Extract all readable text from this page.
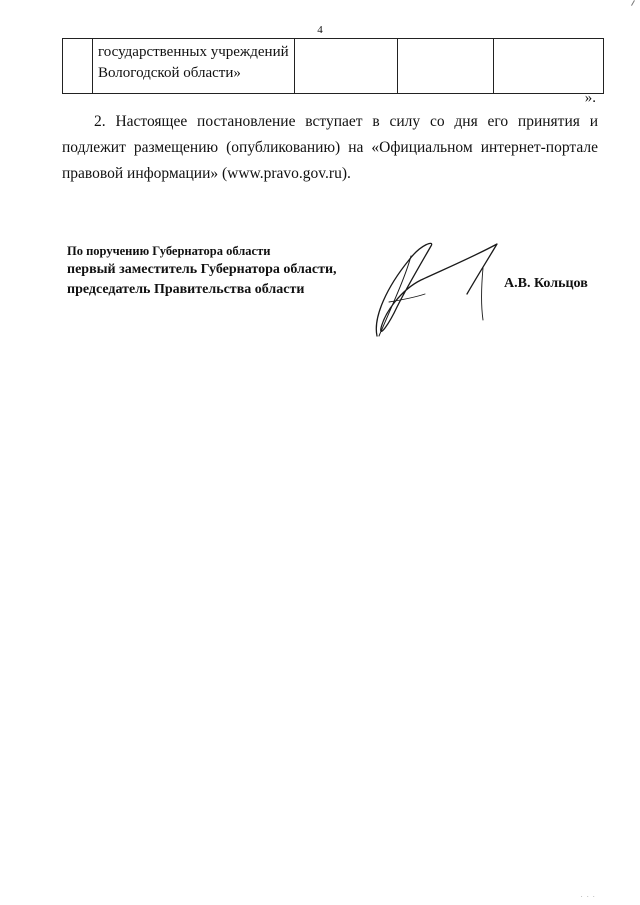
4
	государственных учреждений Вологодской области»			
».

2. Настоящее постановление вступает в силу со дня его принятия и подлежит размещению (опубликованию) на «Официальном интернет-портале правовой информации» (www.pravo.gov.ru).

По поручению Губернатора области
первый заместитель Губернатора области,
председатель Правительства области	А.В. Кольцов
· · ·
